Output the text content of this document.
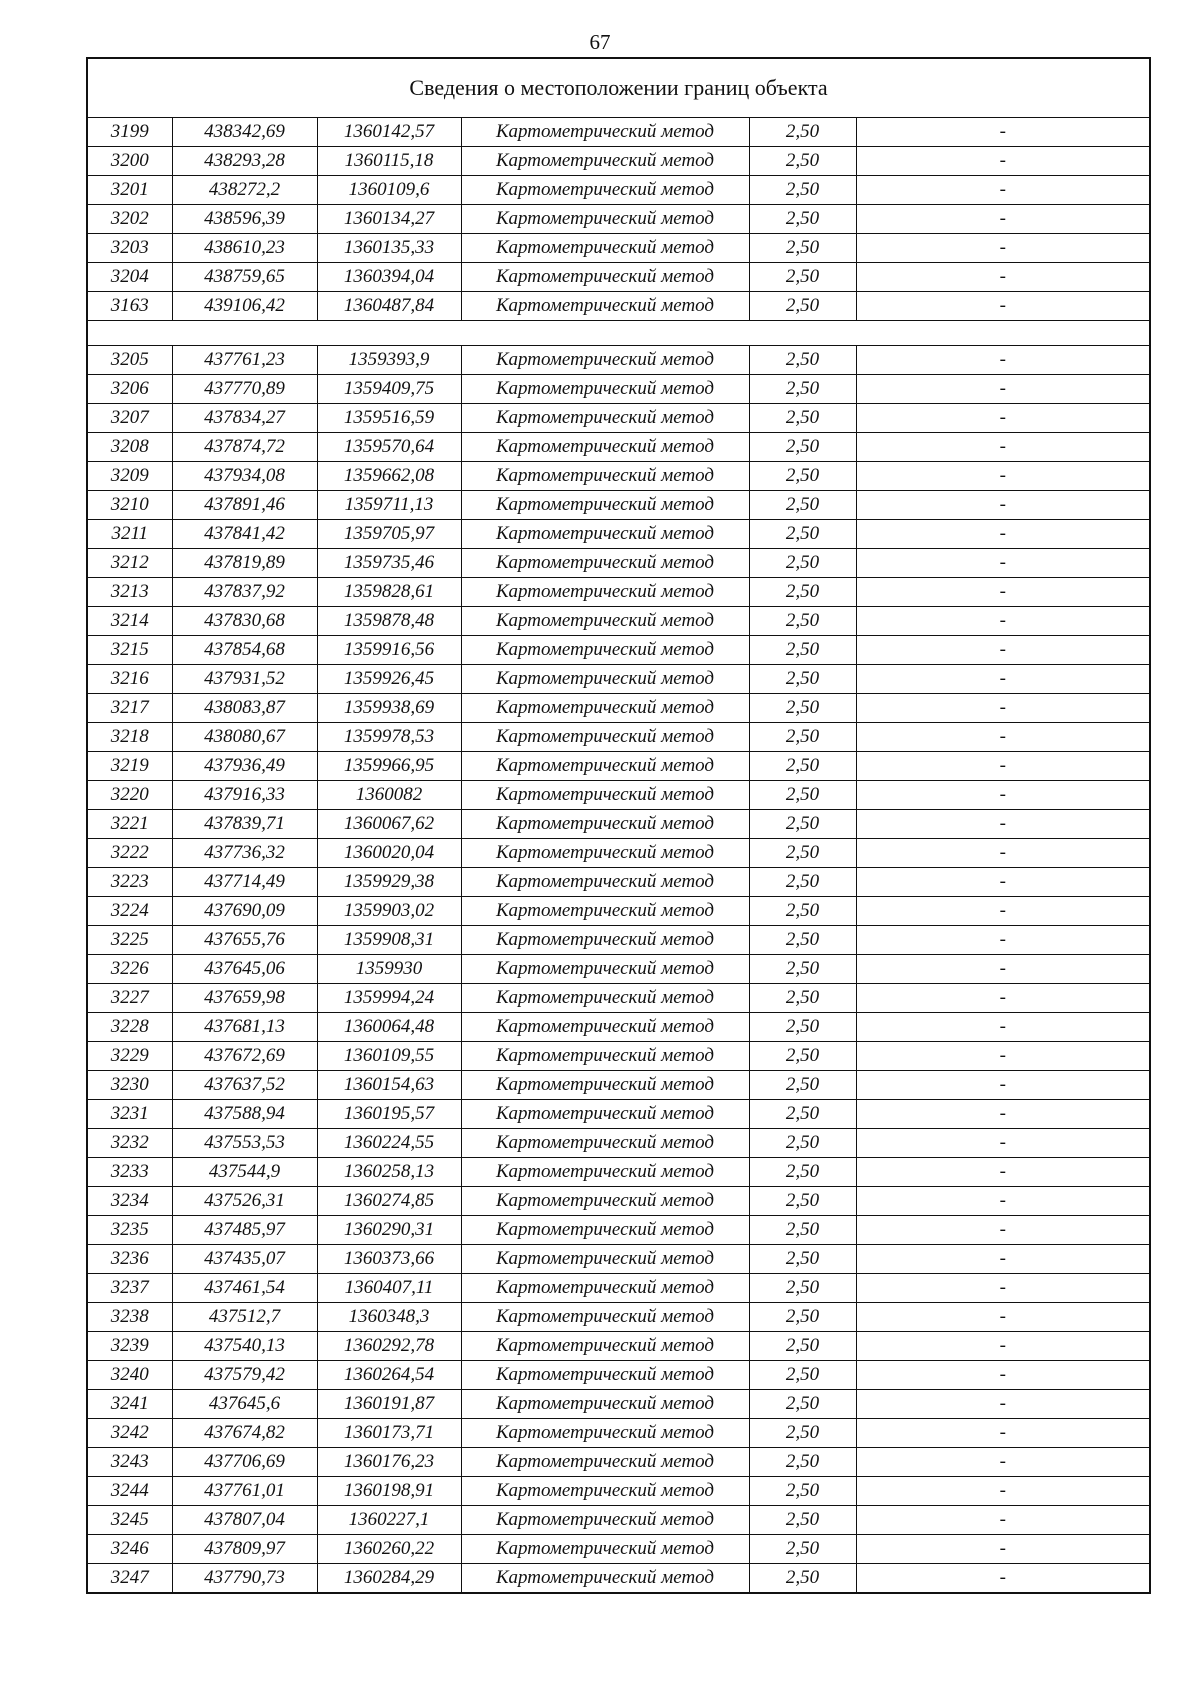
67
Сведения о местоположении границ объекта					
3199	438342,69	1360142,57	Картометрический метод	2,50	-
3200	438293,28	1360115,18	Картометрический метод	2,50	-
3201	438272,2	1360109,6	Картометрический метод	2,50	-
3202	438596,39	1360134,27	Картометрический метод	2,50	-
3203	438610,23	1360135,33	Картометрический метод	2,50	-
3204	438759,65	1360394,04	Картометрический метод	2,50	-
3163	439106,42	1360487,84	Картометрический метод	2,50	-

3205	437761,23	1359393,9	Картометрический метод	2,50	-
3206	437770,89	1359409,75	Картометрический метод	2,50	-
3207	437834,27	1359516,59	Картометрический метод	2,50	-
3208	437874,72	1359570,64	Картометрический метод	2,50	-
3209	437934,08	1359662,08	Картометрический метод	2,50	-
3210	437891,46	1359711,13	Картометрический метод	2,50	-
3211	437841,42	1359705,97	Картометрический метод	2,50	-
3212	437819,89	1359735,46	Картометрический метод	2,50	-
3213	437837,92	1359828,61	Картометрический метод	2,50	-
3214	437830,68	1359878,48	Картометрический метод	2,50	-
3215	437854,68	1359916,56	Картометрический метод	2,50	-
3216	437931,52	1359926,45	Картометрический метод	2,50	-
3217	438083,87	1359938,69	Картометрический метод	2,50	-
3218	438080,67	1359978,53	Картометрический метод	2,50	-
3219	437936,49	1359966,95	Картометрический метод	2,50	-
3220	437916,33	1360082	Картометрический метод	2,50	-
3221	437839,71	1360067,62	Картометрический метод	2,50	-
3222	437736,32	1360020,04	Картометрический метод	2,50	-
3223	437714,49	1359929,38	Картометрический метод	2,50	-
3224	437690,09	1359903,02	Картометрический метод	2,50	-
3225	437655,76	1359908,31	Картометрический метод	2,50	-
3226	437645,06	1359930	Картометрический метод	2,50	-
3227	437659,98	1359994,24	Картометрический метод	2,50	-
3228	437681,13	1360064,48	Картометрический метод	2,50	-
3229	437672,69	1360109,55	Картометрический метод	2,50	-
3230	437637,52	1360154,63	Картометрический метод	2,50	-
3231	437588,94	1360195,57	Картометрический метод	2,50	-
3232	437553,53	1360224,55	Картометрический метод	2,50	-
3233	437544,9	1360258,13	Картометрический метод	2,50	-
3234	437526,31	1360274,85	Картометрический метод	2,50	-
3235	437485,97	1360290,31	Картометрический метод	2,50	-
3236	437435,07	1360373,66	Картометрический метод	2,50	-
3237	437461,54	1360407,11	Картометрический метод	2,50	-
3238	437512,7	1360348,3	Картометрический метод	2,50	-
3239	437540,13	1360292,78	Картометрический метод	2,50	-
3240	437579,42	1360264,54	Картометрический метод	2,50	-
3241	437645,6	1360191,87	Картометрический метод	2,50	-
3242	437674,82	1360173,71	Картометрический метод	2,50	-
3243	437706,69	1360176,23	Картометрический метод	2,50	-
3244	437761,01	1360198,91	Картометрический метод	2,50	-
3245	437807,04	1360227,1	Картометрический метод	2,50	-
3246	437809,97	1360260,22	Картометрический метод	2,50	-
3247	437790,73	1360284,29	Картометрический метод	2,50	-
